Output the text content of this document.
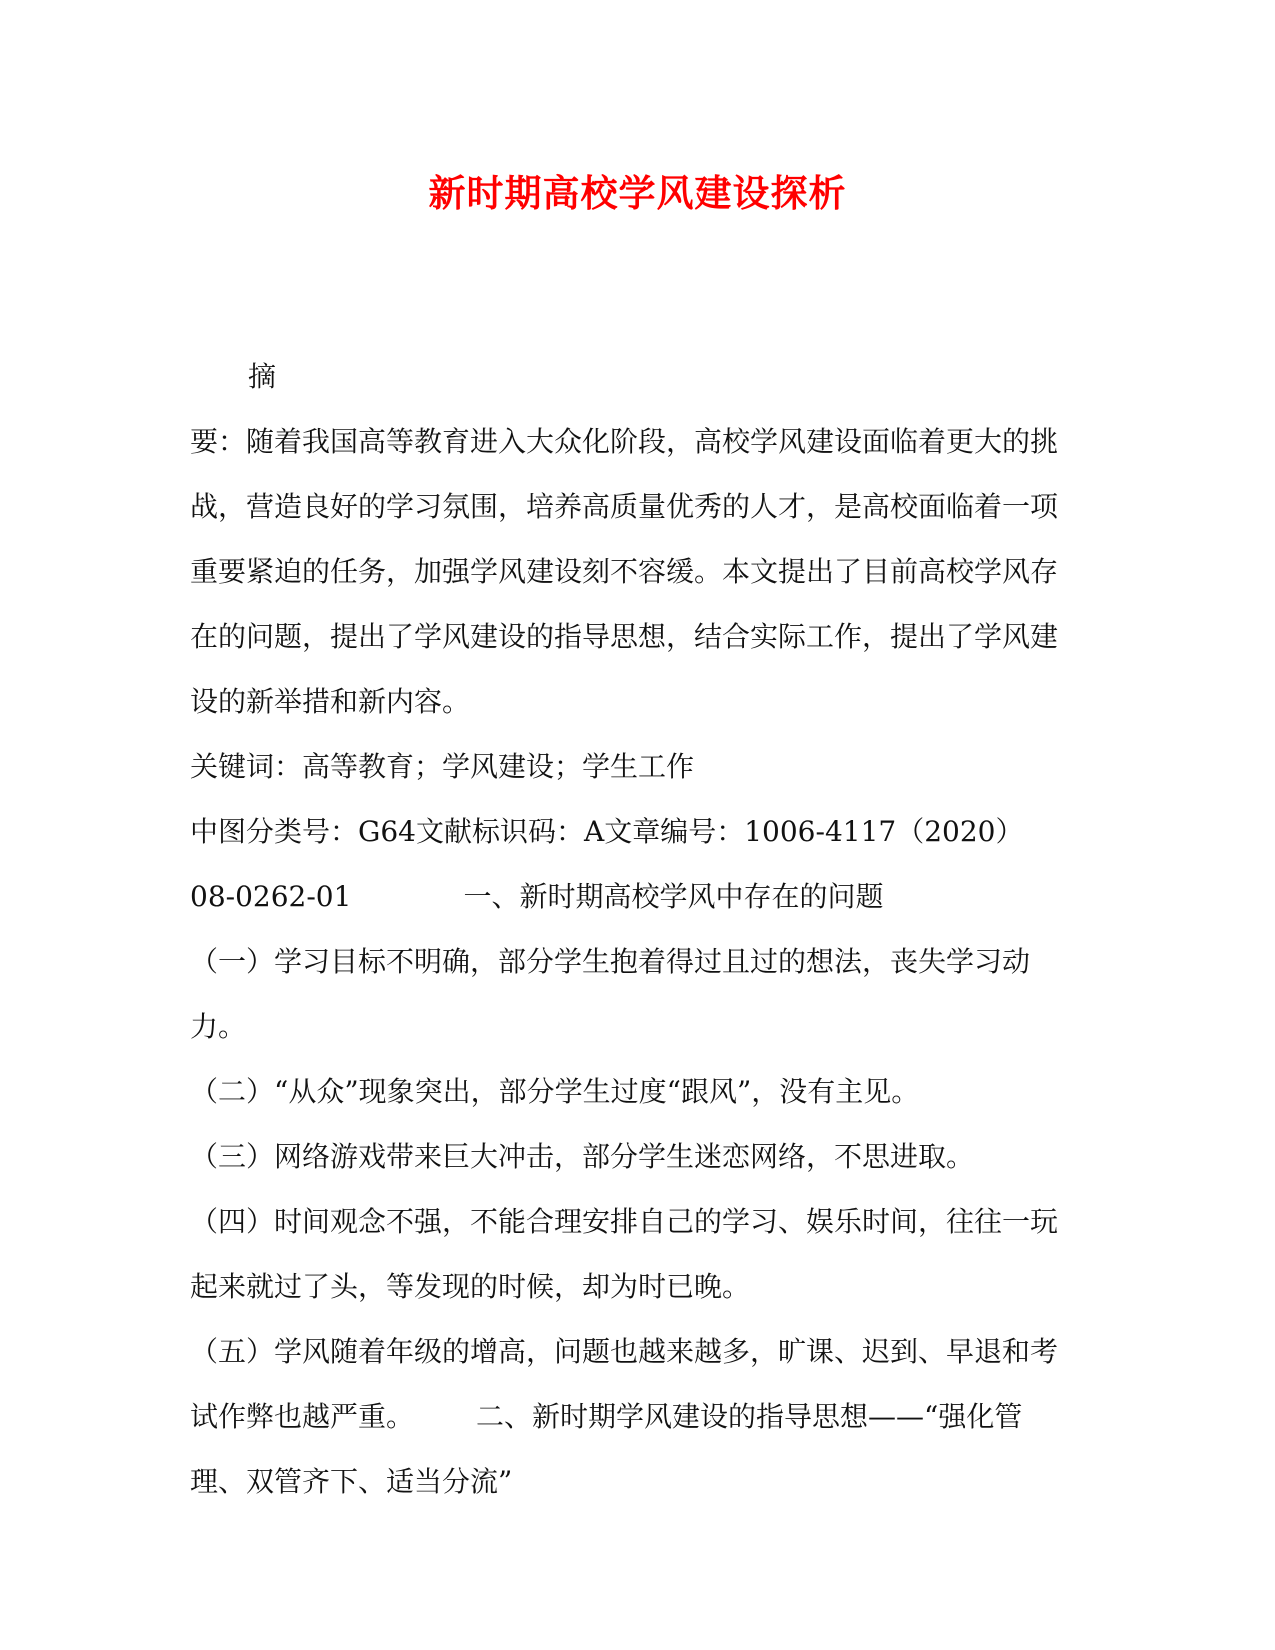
新时期高校学风建设探析

摘

要：随着我国高等教育进入大众化阶段，高校学风建设面临着更大的挑战，营造良好的学习氛围，培养高质量优秀的人才，是高校面临着一项重要紧迫的任务，加强学风建设刻不容缓。本文提出了目前高校学风存在的问题，提出了学风建设的指导思想，结合实际工作，提出了学风建设的新举措和新内容。

关键词：高等教育；学风建设；学生工作

中图分类号：G64文献标识码：A文章编号：1006-4117（2020）08-0262-01	一、新时期高校学风中存在的问题

（一）学习目标不明确，部分学生抱着得过且过的想法，丧失学习动力。

（二）“从众”现象突出，部分学生过度“跟风”，没有主见。

（三）网络游戏带来巨大冲击，部分学生迷恋网络，不思进取。

（四）时间观念不强，不能合理安排自己的学习、娱乐时间，往往一玩起来就过了头，等发现的时候，却为时已晚。

（五）学风随着年级的增高，问题也越来越多，旷课、迟到、早退和考试作弊也越严重。 二、新时期学风建设的指导思想——“强化管理、双管齐下、适当分流”
